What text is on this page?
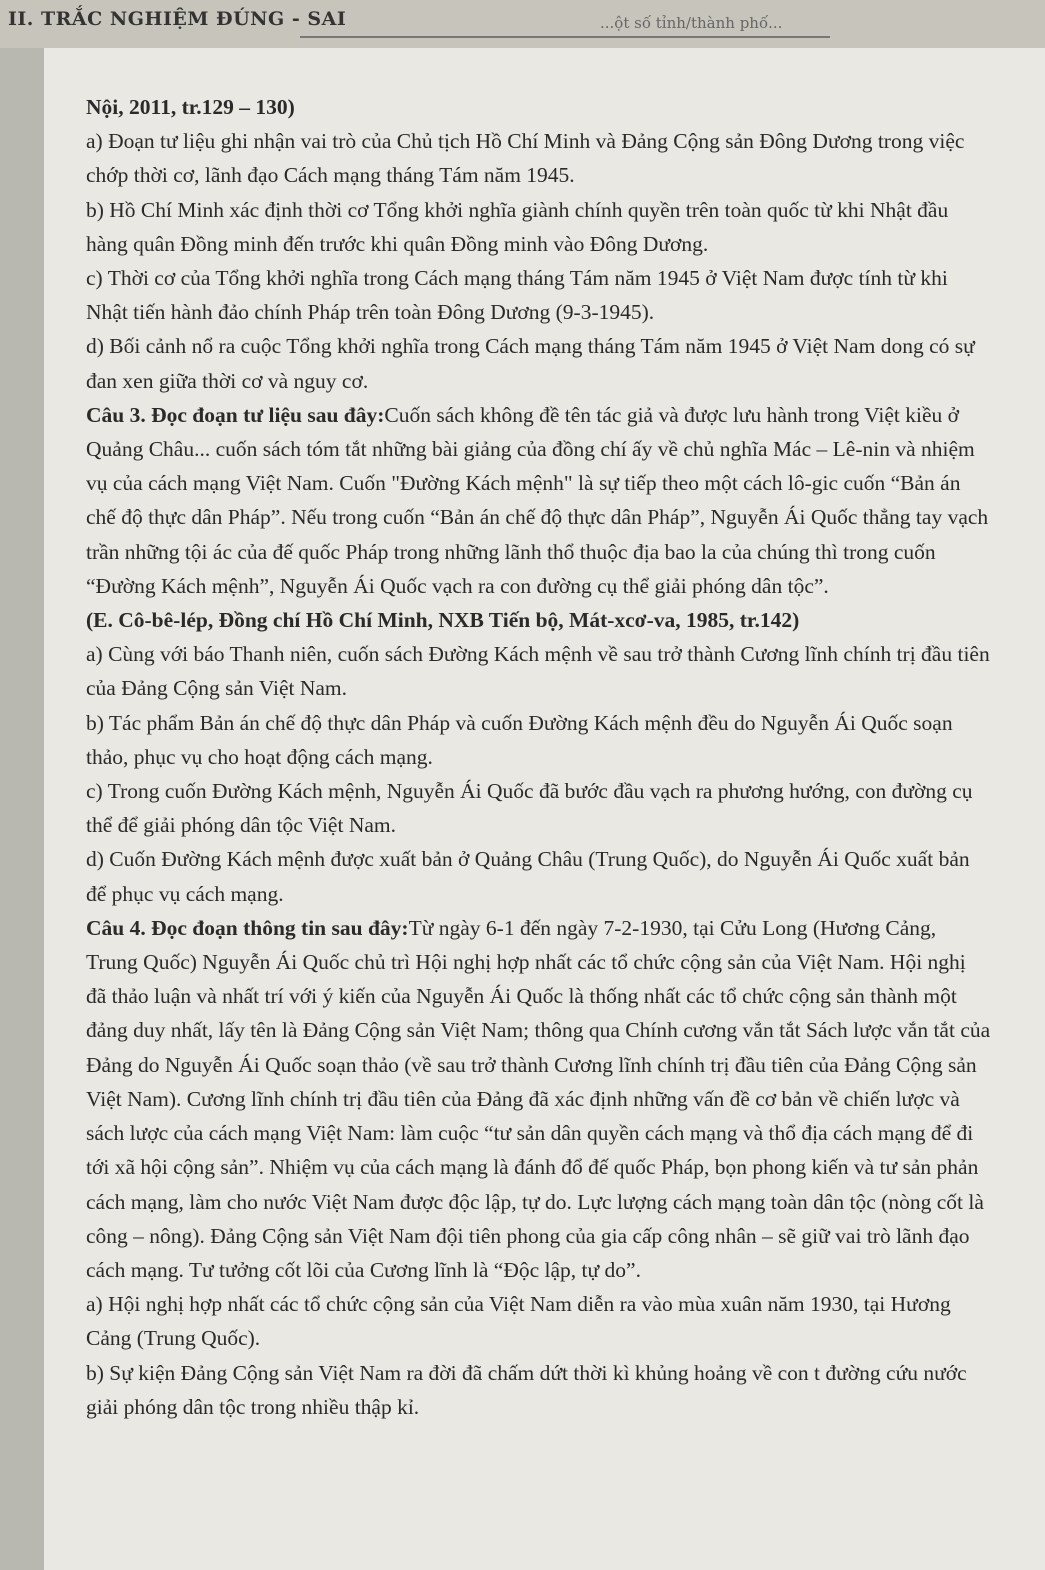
II. TRẮC NGHIỆM ĐÚNG - SAI	...ột số tỉnh/thành phố...

Nội, 2011, tr.129 – 130)

a) Đoạn tư liệu ghi nhận vai trò của Chủ tịch Hồ Chí Minh và Đảng Cộng sản Đông Dương trong việc chớp thời cơ, lãnh đạo Cách mạng tháng Tám năm 1945.

b) Hồ Chí Minh xác định thời cơ Tổng khởi nghĩa giành chính quyền trên toàn quốc từ khi Nhật đầu hàng quân Đồng minh đến trước khi quân Đồng minh vào Đông Dương.

c) Thời cơ của Tổng khởi nghĩa trong Cách mạng tháng Tám năm 1945 ở Việt Nam được tính từ khi Nhật tiến hành đảo chính Pháp trên toàn Đông Dương (9-3-1945).

d) Bối cảnh nổ ra cuộc Tổng khởi nghĩa trong Cách mạng tháng Tám năm 1945 ở Việt Nam dong có sự đan xen giữa thời cơ và nguy cơ.

Câu 3. Đọc đoạn tư liệu sau đây:Cuốn sách không đề tên tác giả và được lưu hành trong Việt kiều ở Quảng Châu... cuốn sách tóm tắt những bài giảng của đồng chí ấy về chủ nghĩa Mác – Lê-nin và nhiệm vụ của cách mạng Việt Nam. Cuốn "Đường Kách mệnh" là sự tiếp theo một cách lô-gic cuốn “Bản án chế độ thực dân Pháp”. Nếu trong cuốn “Bản án chế độ thực dân Pháp”, Nguyễn Ái Quốc thẳng tay vạch trần những tội ác của đế quốc Pháp trong những lãnh thổ thuộc địa bao la của chúng thì trong cuốn “Đường Kách mệnh”, Nguyễn Ái Quốc vạch ra con đường cụ thể giải phóng dân tộc”.

(E. Cô-bê-lép, Đồng chí Hồ Chí Minh, NXB Tiến bộ, Mát-xcơ-va, 1985, tr.142)

a) Cùng với báo Thanh niên, cuốn sách Đường Kách mệnh về sau trở thành Cương lĩnh chính trị đầu tiên của Đảng Cộng sản Việt Nam.

b) Tác phẩm Bản án chế độ thực dân Pháp và cuốn Đường Kách mệnh đều do Nguyễn Ái Quốc soạn thảo, phục vụ cho hoạt động cách mạng.

c) Trong cuốn Đường Kách mệnh, Nguyễn Ái Quốc đã bước đầu vạch ra phương hướng, con đường cụ thể để giải phóng dân tộc Việt Nam.

d) Cuốn Đường Kách mệnh được xuất bản ở Quảng Châu (Trung Quốc), do Nguyễn Ái Quốc xuất bản để phục vụ cách mạng.

Câu 4. Đọc đoạn thông tin sau đây:Từ ngày 6-1 đến ngày 7-2-1930, tại Cửu Long (Hương Cảng, Trung Quốc) Nguyễn Ái Quốc chủ trì Hội nghị hợp nhất các tổ chức cộng sản của Việt Nam. Hội nghị đã thảo luận và nhất trí với ý kiến của Nguyễn Ái Quốc là thống nhất các tổ chức cộng sản thành một đảng duy nhất, lấy tên là Đảng Cộng sản Việt Nam; thông qua Chính cương vắn tắt Sách lược vắn tắt của Đảng do Nguyễn Ái Quốc soạn thảo (về sau trở thành Cương lĩnh chính trị đầu tiên của Đảng Cộng sản Việt Nam). Cương lĩnh chính trị đầu tiên của Đảng đã xác định những vấn đề cơ bản về chiến lược và sách lược của cách mạng Việt Nam: làm cuộc “tư sản dân quyền cách mạng và thổ địa cách mạng để đi tới xã hội cộng sản”. Nhiệm vụ của cách mạng là đánh đổ đế quốc Pháp, bọn phong kiến và tư sản phản cách mạng, làm cho nước Việt Nam được độc lập, tự do. Lực lượng cách mạng toàn dân tộc (nòng cốt là công – nông). Đảng Cộng sản Việt Nam đội tiên phong của gia cấp công nhân – sẽ giữ vai trò lãnh đạo cách mạng. Tư tưởng cốt lõi của Cương lĩnh là “Độc lập, tự do”.

a) Hội nghị hợp nhất các tổ chức cộng sản của Việt Nam diễn ra vào mùa xuân năm 1930, tại Hương Cảng (Trung Quốc).

b) Sự kiện Đảng Cộng sản Việt Nam ra đời đã chấm dứt thời kì khủng hoảng về con t đường cứu nước giải phóng dân tộc trong nhiều thập kỉ.
